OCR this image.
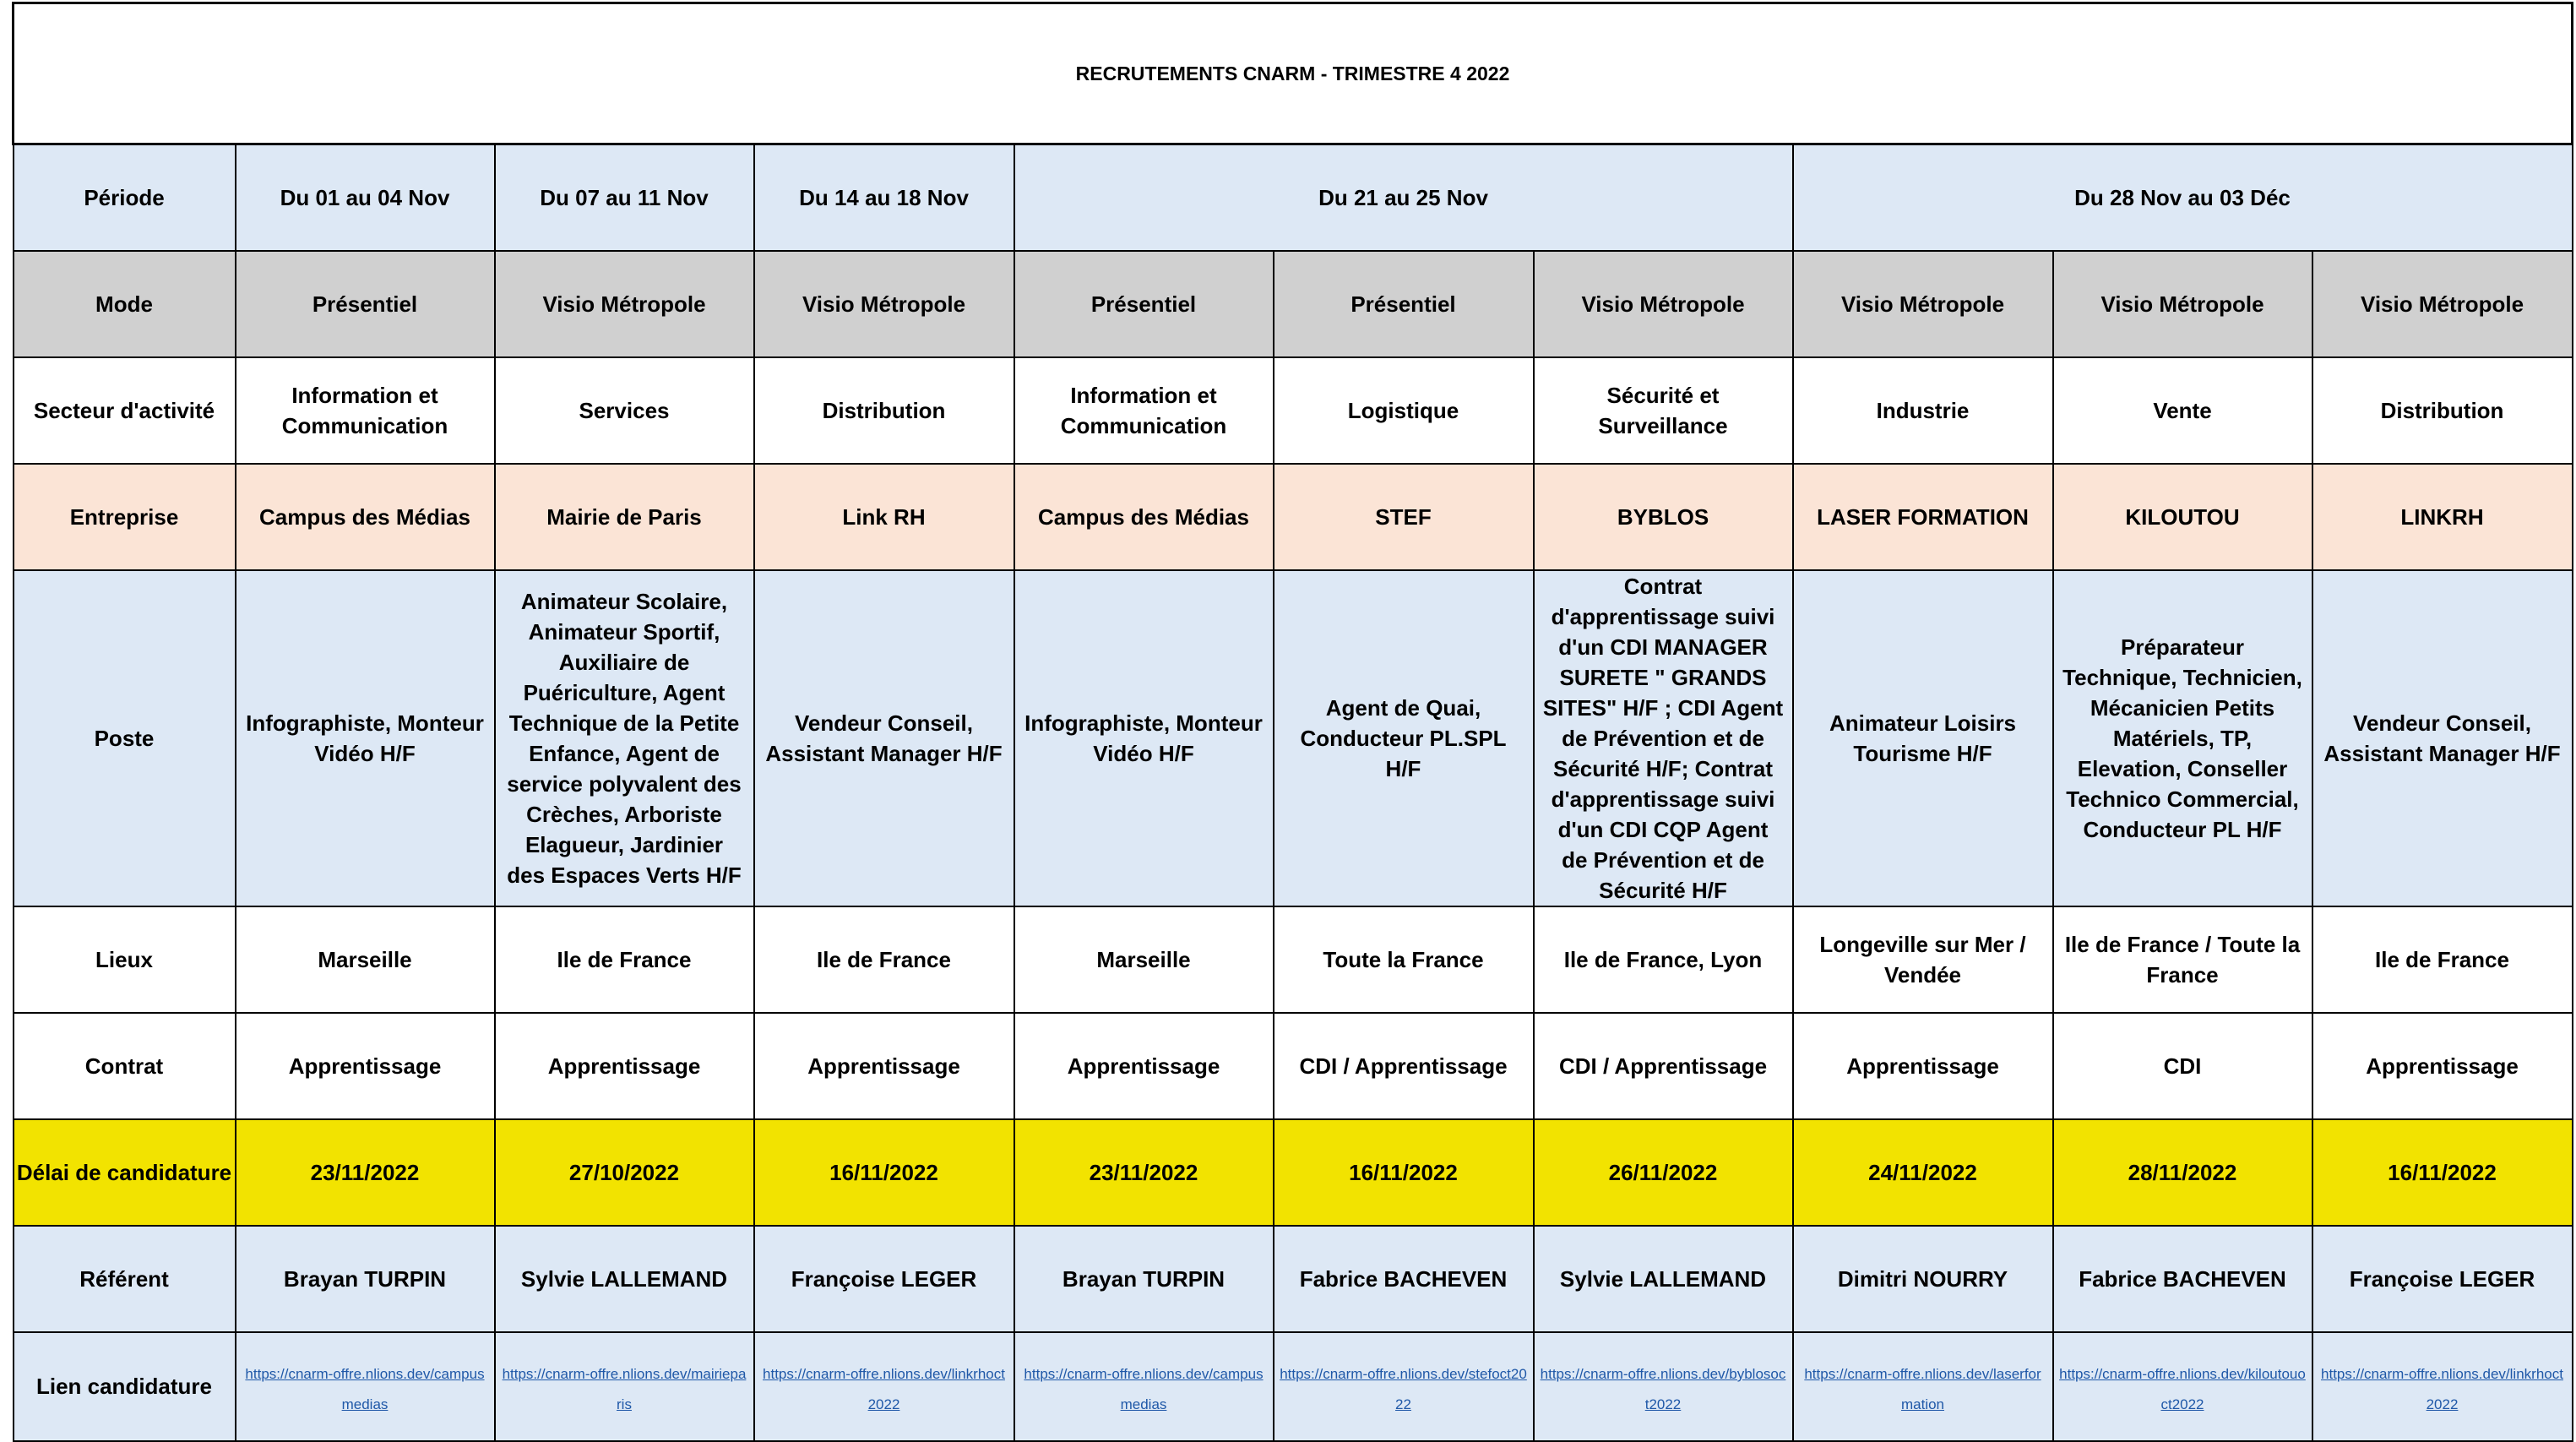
RECRUTEMENTS CNARM - TRIMESTRE 4 2022									
Période	Du 01 au 04 Nov	Du 07 au 11 Nov	Du 14 au 18 Nov	Du 21 au 25 Nov			Du 28 Nov au 03 Déc		
Mode	Présentiel	Visio Métropole	Visio Métropole	Présentiel	Présentiel	Visio Métropole	Visio Métropole	Visio Métropole	Visio Métropole
Secteur d'activité	Information et Communication	Services	Distribution	Information et Communication	Logistique	Sécurité et Surveillance	Industrie	Vente	Distribution
Entreprise	Campus des Médias	Mairie de Paris	Link RH	Campus des Médias	STEF	BYBLOS	LASER FORMATION	KILOUTOU	LINKRH
Poste	Infographiste, Monteur Vidéo H/F	Animateur Scolaire, Animateur Sportif, Auxiliaire de Puériculture, Agent Technique de la Petite Enfance, Agent de service polyvalent des Crèches, Arboriste Elagueur, Jardinier des Espaces Verts H/F	Vendeur Conseil, Assistant Manager H/F	Infographiste, Monteur Vidéo H/F	Agent de Quai, Conducteur PL.SPL H/F	Contrat d'apprentissage suivi d'un CDI MANAGER SURETE " GRANDS SITES" H/F ; CDI Agent de Prévention et de Sécurité H/F; Contrat d'apprentissage suivi d'un CDI CQP Agent de Prévention et de Sécurité H/F	Animateur Loisirs Tourisme H/F	Préparateur Technique, Technicien, Mécanicien Petits Matériels, TP, Elevation, Conseller Technico Commercial, Conducteur PL H/F	Vendeur Conseil, Assistant Manager H/F
Lieux	Marseille	Ile de France	Ile de France	Marseille	Toute la France	Ile de France, Lyon	Longeville sur Mer / Vendée	Ile de France / Toute la France	Ile de France
Contrat	Apprentissage	Apprentissage	Apprentissage	Apprentissage	CDI / Apprentissage	CDI / Apprentissage	Apprentissage	CDI	Apprentissage
Délai de candidature	23/11/2022	27/10/2022	16/11/2022	23/11/2022	16/11/2022	26/11/2022	24/11/2022	28/11/2022	16/11/2022
Référent	Brayan TURPIN	Sylvie LALLEMAND	Françoise LEGER	Brayan TURPIN	Fabrice BACHEVEN	Sylvie LALLEMAND	Dimitri NOURRY	Fabrice BACHEVEN	Françoise LEGER
Lien candidature	https://cnarm-offre.nlions.dev/campusmedias	https://cnarm-offre.nlions.dev/mairieparis	https://cnarm-offre.nlions.dev/linkrhoct2022	https://cnarm-offre.nlions.dev/campusmedias	https://cnarm-offre.nlions.dev/stefoct2022	https://cnarm-offre.nlions.dev/byblosoct2022	https://cnarm-offre.nlions.dev/laserformation	https://cnarm-offre.nlions.dev/kiloutouoct2022	https://cnarm-offre.nlions.dev/linkrhoct2022
